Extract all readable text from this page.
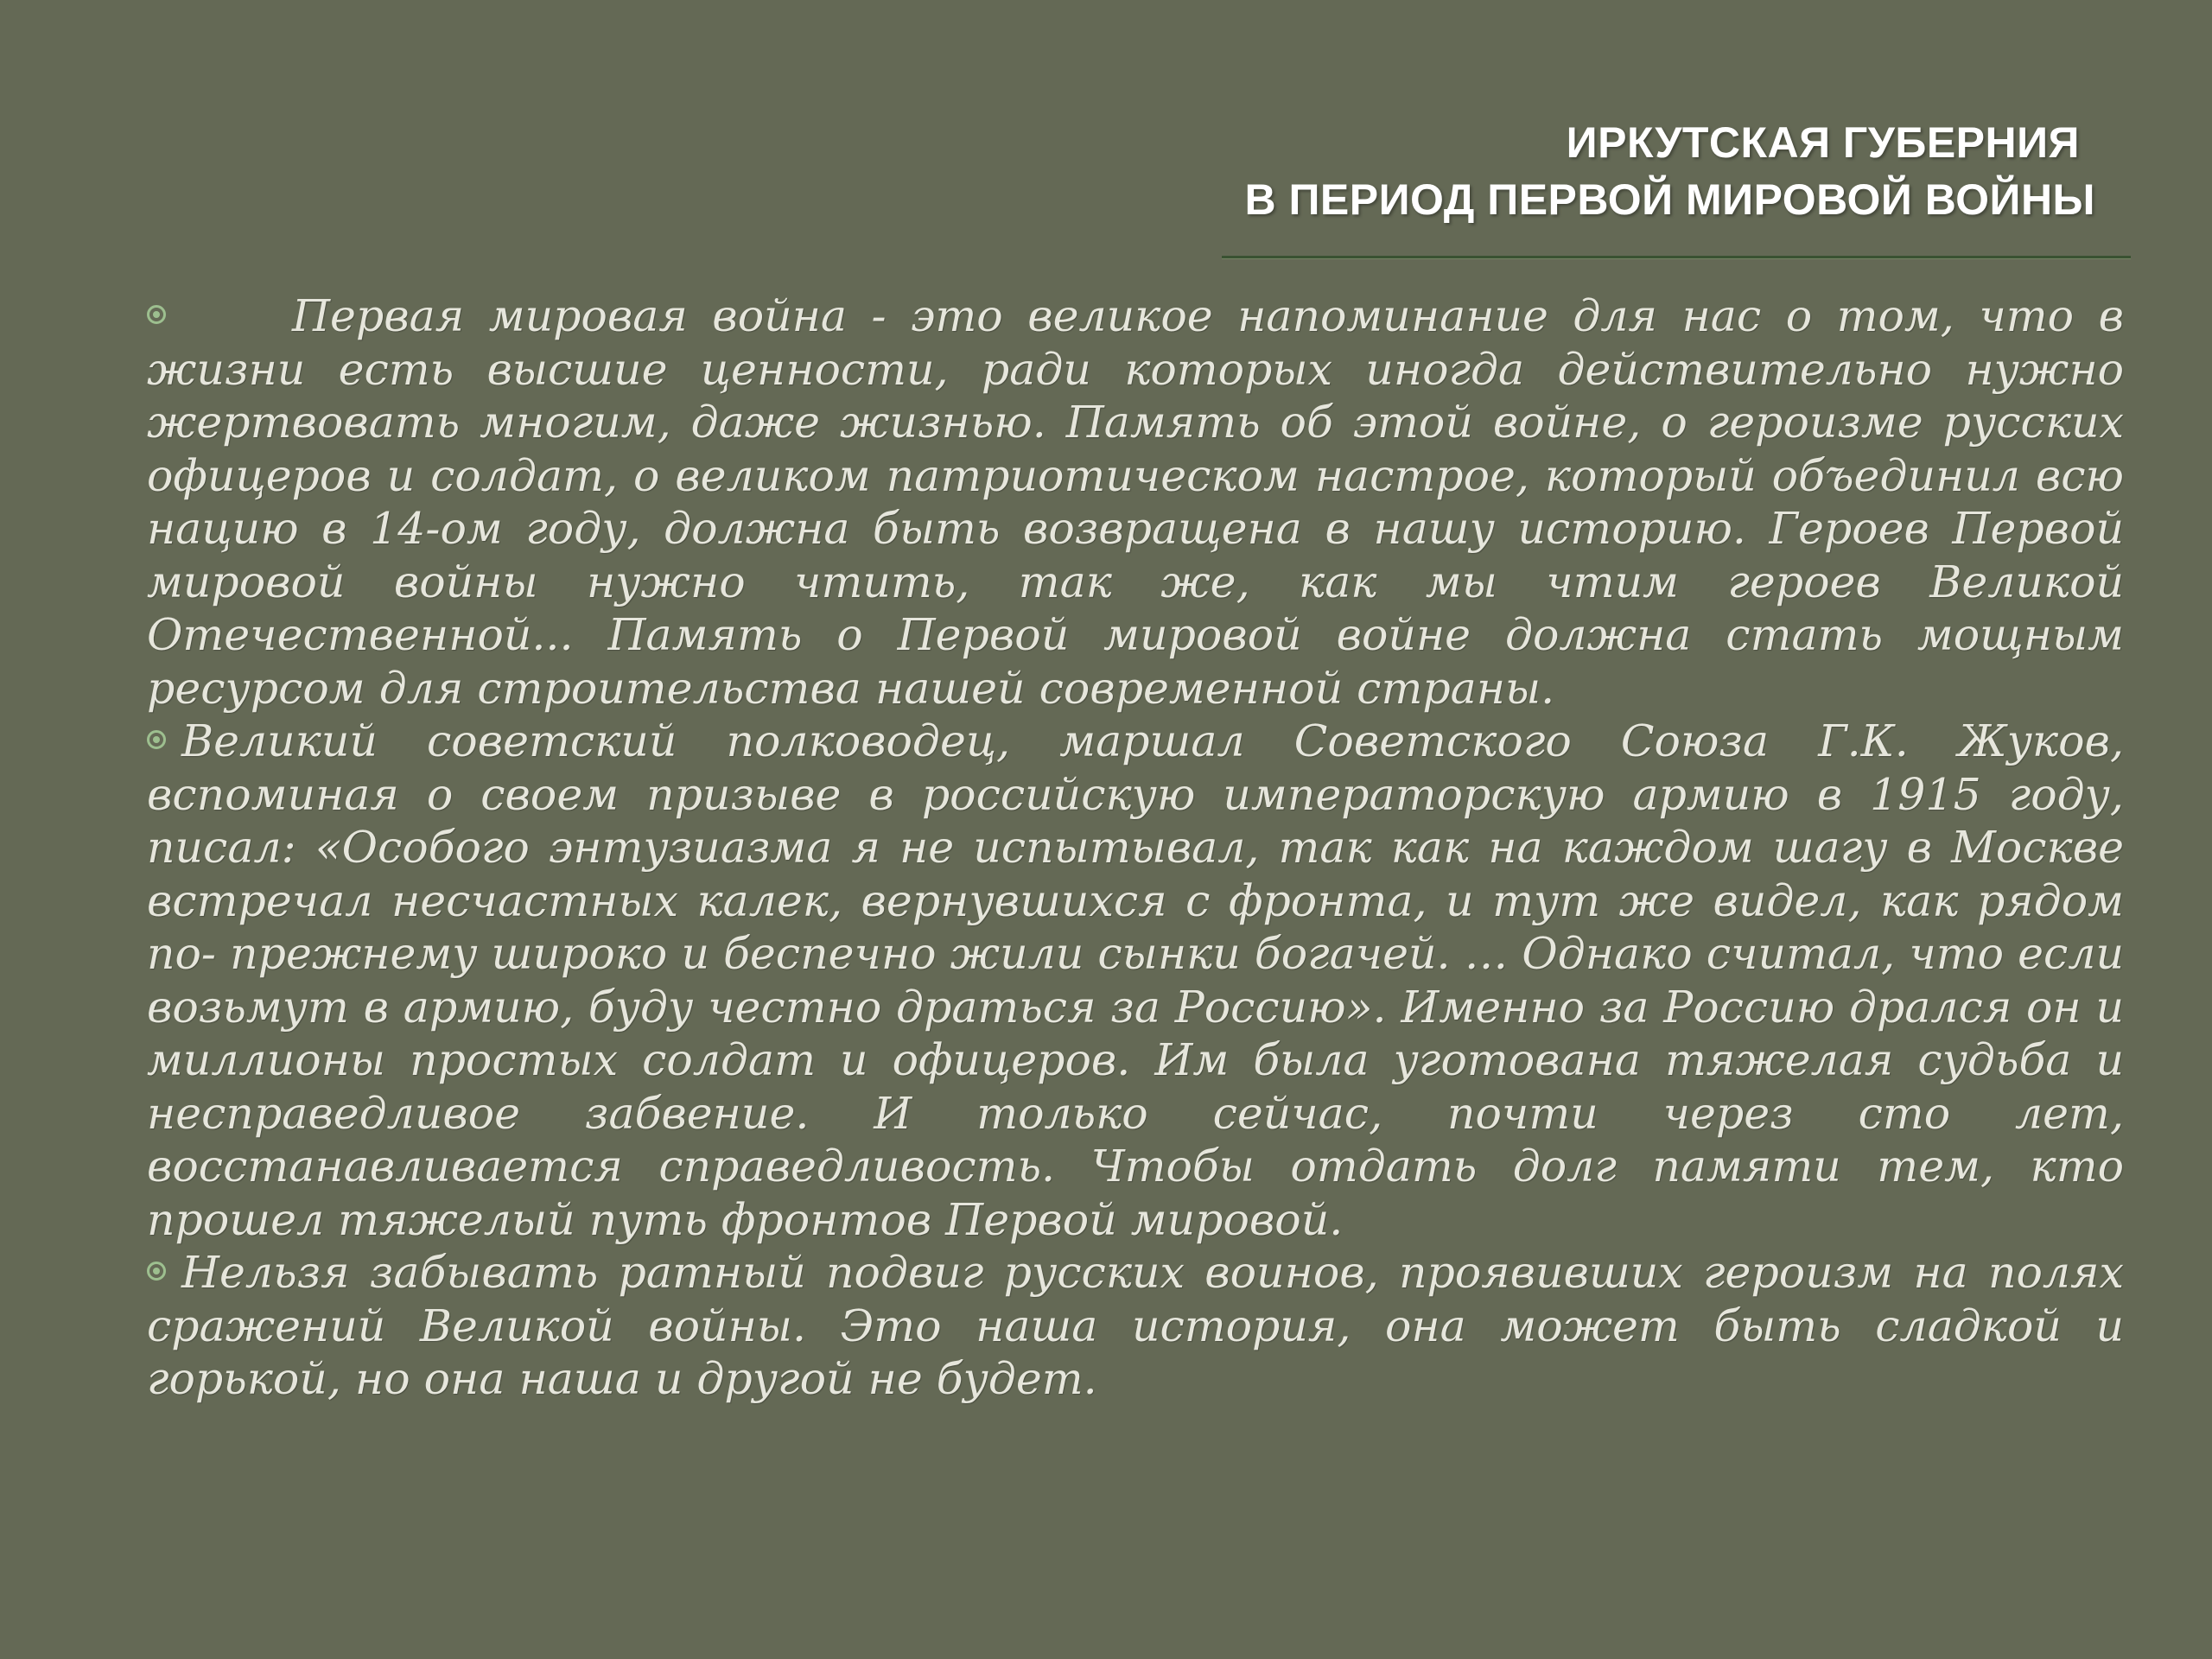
ИРКУТСКАЯ ГУБЕРНИЯ
В ПЕРИОД ПЕРВОЙ МИРОВОЙ ВОЙНЫ

Первая мировая война - это великое напоминание для нас о том, что в жизни есть высшие ценности, ради которых иногда действительно нужно жертвовать многим, даже жизнью. Память об этой войне, о героизме русских офицеров и солдат, о великом патриотическом настрое, который объединил всю нацию в 14-ом году, должна быть возвращена в нашу историю. Героев Первой мировой войны нужно чтить, так же, как мы чтим героев Великой Отечественной... Память о Первой мировой войне должна стать мощным ресурсом для строительства нашей современной страны.

Великий советский полководец, маршал Советского Союза Г.К. Жуков, вспоминая о своем призыве в российскую императорскую армию в 1915 году, писал: «Особого энтузиазма я не испытывал, так как на каждом шагу в Москве встречал несчастных калек, вернувшихся с фронта, и тут же видел, как рядом по- прежнему широко и беспечно жили сынки богачей. … Однако считал, что если возьмут в армию, буду честно драться за Россию». Именно за Россию дрался он и миллионы простых солдат и офицеров. Им была уготована тяжелая судьба и несправедливое забвение. И только сейчас, почти через сто лет, восстанавливается справедливость. Чтобы отдать долг памяти тем, кто прошел тяжелый путь фронтов Первой мировой.

Нельзя забывать ратный подвиг русских воинов, проявивших героизм на полях сражений Великой войны. Это наша история, она может быть сладкой и горькой, но она наша и другой не будет.
